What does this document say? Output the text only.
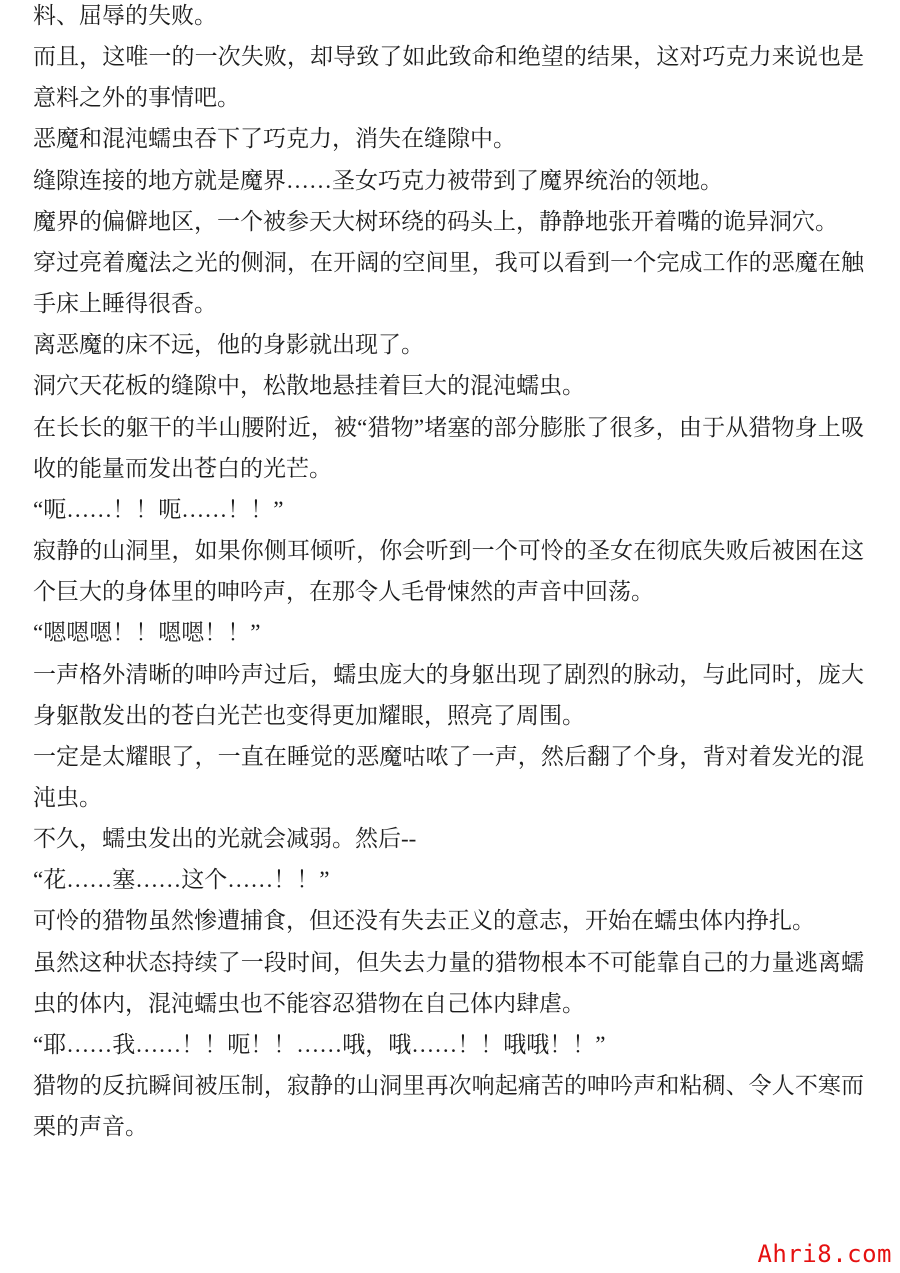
料、屈辱的失败。

而且，这唯一的一次失败，却导致了如此致命和绝望的结果，这对巧克力来说也是意料之外的事情吧。

恶魔和混沌蠕虫吞下了巧克力，消失在缝隙中。

缝隙连接的地方就是魔界……圣女巧克力被带到了魔界统治的领地。

魔界的偏僻地区，一个被参天大树环绕的码头上，静静地张开着嘴的诡异洞穴。

穿过亮着魔法之光的侧洞，在开阔的空间里，我可以看到一个完成工作的恶魔在触手床上睡得很香。

离恶魔的床不远，他的身影就出现了。

洞穴天花板的缝隙中，松散地悬挂着巨大的混沌蠕虫。

在长长的躯干的半山腰附近，被“猎物”堵塞的部分膨胀了很多，由于从猎物身上吸收的能量而发出苍白的光芒。

“呃……！！呃……！！”

寂静的山洞里，如果你侧耳倾听，你会听到一个可怜的圣女在彻底失败后被困在这个巨大的身体里的呻吟声，在那令人毛骨悚然的声音中回荡。

“嗯嗯嗯！！嗯嗯！！”

一声格外清晰的呻吟声过后，蠕虫庞大的身躯出现了剧烈的脉动，与此同时，庞大身躯散发出的苍白光芒也变得更加耀眼，照亮了周围。

一定是太耀眼了，一直在睡觉的恶魔咕哝了一声，然后翻了个身，背对着发光的混沌虫。

不久，蠕虫发出的光就会减弱。然后--

“花……塞……这个……！！”

可怜的猎物虽然惨遭捕食，但还没有失去正义的意志，开始在蠕虫体内挣扎。

虽然这种状态持续了一段时间，但失去力量的猎物根本不可能靠自己的力量逃离蠕虫的体内，混沌蠕虫也不能容忍猎物在自己体内肆虐。

“耶……我……！！呃！！……哦，哦……！！哦哦！！”

猎物的反抗瞬间被压制，寂静的山洞里再次响起痛苦的呻吟声和粘稠、令人不寒而栗的声音。

Ahri8.com
